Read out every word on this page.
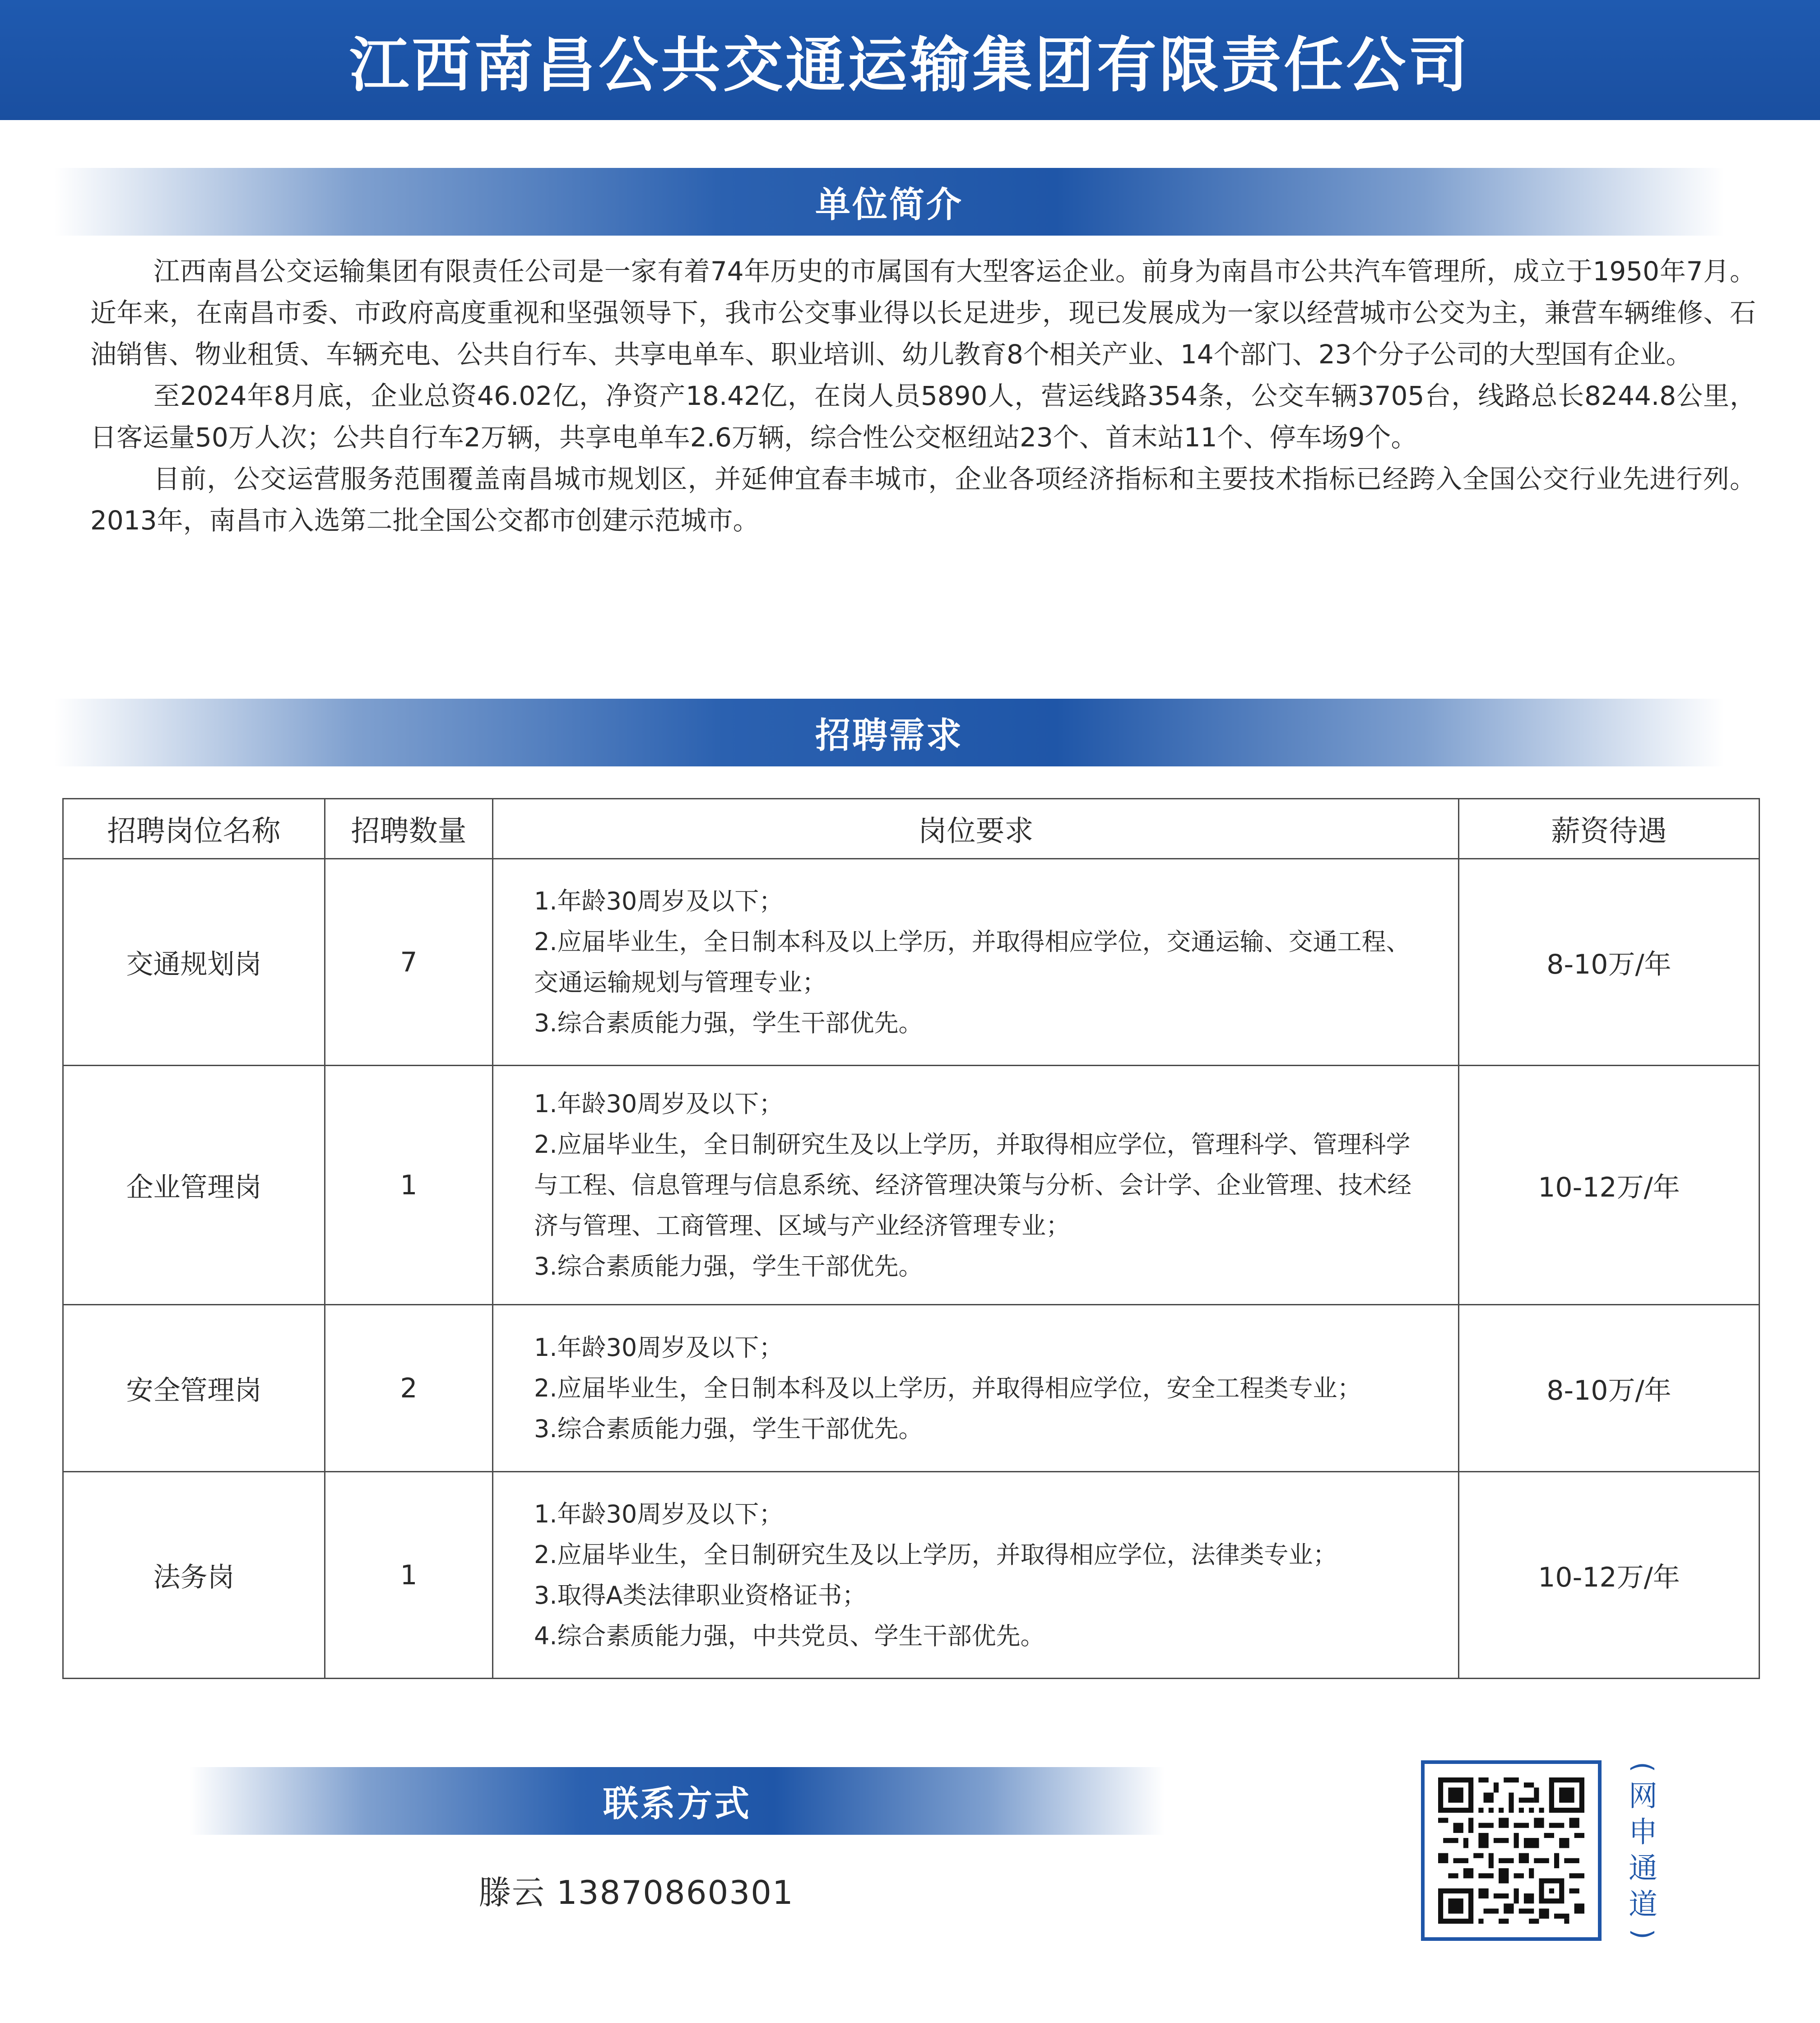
江西南昌公共交通运输集团有限责任公司
单位简介

江西南昌公交运输集团有限责任公司是一家有着74年历史的市属国有大型客运企业。前身为南昌市公共汽车管理所，成立于1950年7月。近年来，在南昌市委、市政府高度重视和坚强领导下，我市公交事业得以长足进步，现已发展成为一家以经营城市公交为主，兼营车辆维修、石油销售、物业租赁、车辆充电、公共自行车、共享电单车、职业培训、幼儿教育8个相关产业、14个部门、23个分子公司的大型国有企业。

至2024年8月底，企业总资46.02亿，净资产18.42亿，在岗人员5890人，营运线路354条，公交车辆3705台，线路总长8244.8公里，日客运量50万人次；公共自行车2万辆，共享电单车2.6万辆，综合性公交枢纽站23个、首末站11个、停车场9个。

目前，公交运营服务范围覆盖南昌城市规划区，并延伸宜春丰城市，企业各项经济指标和主要技术指标已经跨入全国公交行业先进行列。2013年，南昌市入选第二批全国公交都市创建示范城市。

招聘需求
招聘岗位名称	招聘数量	岗位要求	薪资待遇
交通规划岗	7	1.年龄30周岁及以下；
2.应届毕业生，全日制本科及以上学历，并取得相应学位，交通运输、交通工程、交通运输规划与管理专业；
3.综合素质能力强，学生干部优先。	8-10万/年
企业管理岗	1	1.年龄30周岁及以下；
2.应届毕业生，全日制研究生及以上学历，并取得相应学位，管理科学、管理科学与工程、信息管理与信息系统、经济管理决策与分析、会计学、企业管理、技术经济与管理、工商管理、区域与产业经济管理专业；
3.综合素质能力强，学生干部优先。	10-12万/年
安全管理岗	2	1.年龄30周岁及以下；
2.应届毕业生，全日制本科及以上学历，并取得相应学位，安全工程类专业；
3.综合素质能力强，学生干部优先。	8-10万/年
法务岗	1	1.年龄30周岁及以下；
2.应届毕业生，全日制研究生及以上学历，并取得相应学位，法律类专业；
3.取得A类法律职业资格证书；
4.综合素质能力强，中共党员、学生干部优先。	10-12万/年
联系方式
滕云 13870860301
(
网
申
通
道
)
